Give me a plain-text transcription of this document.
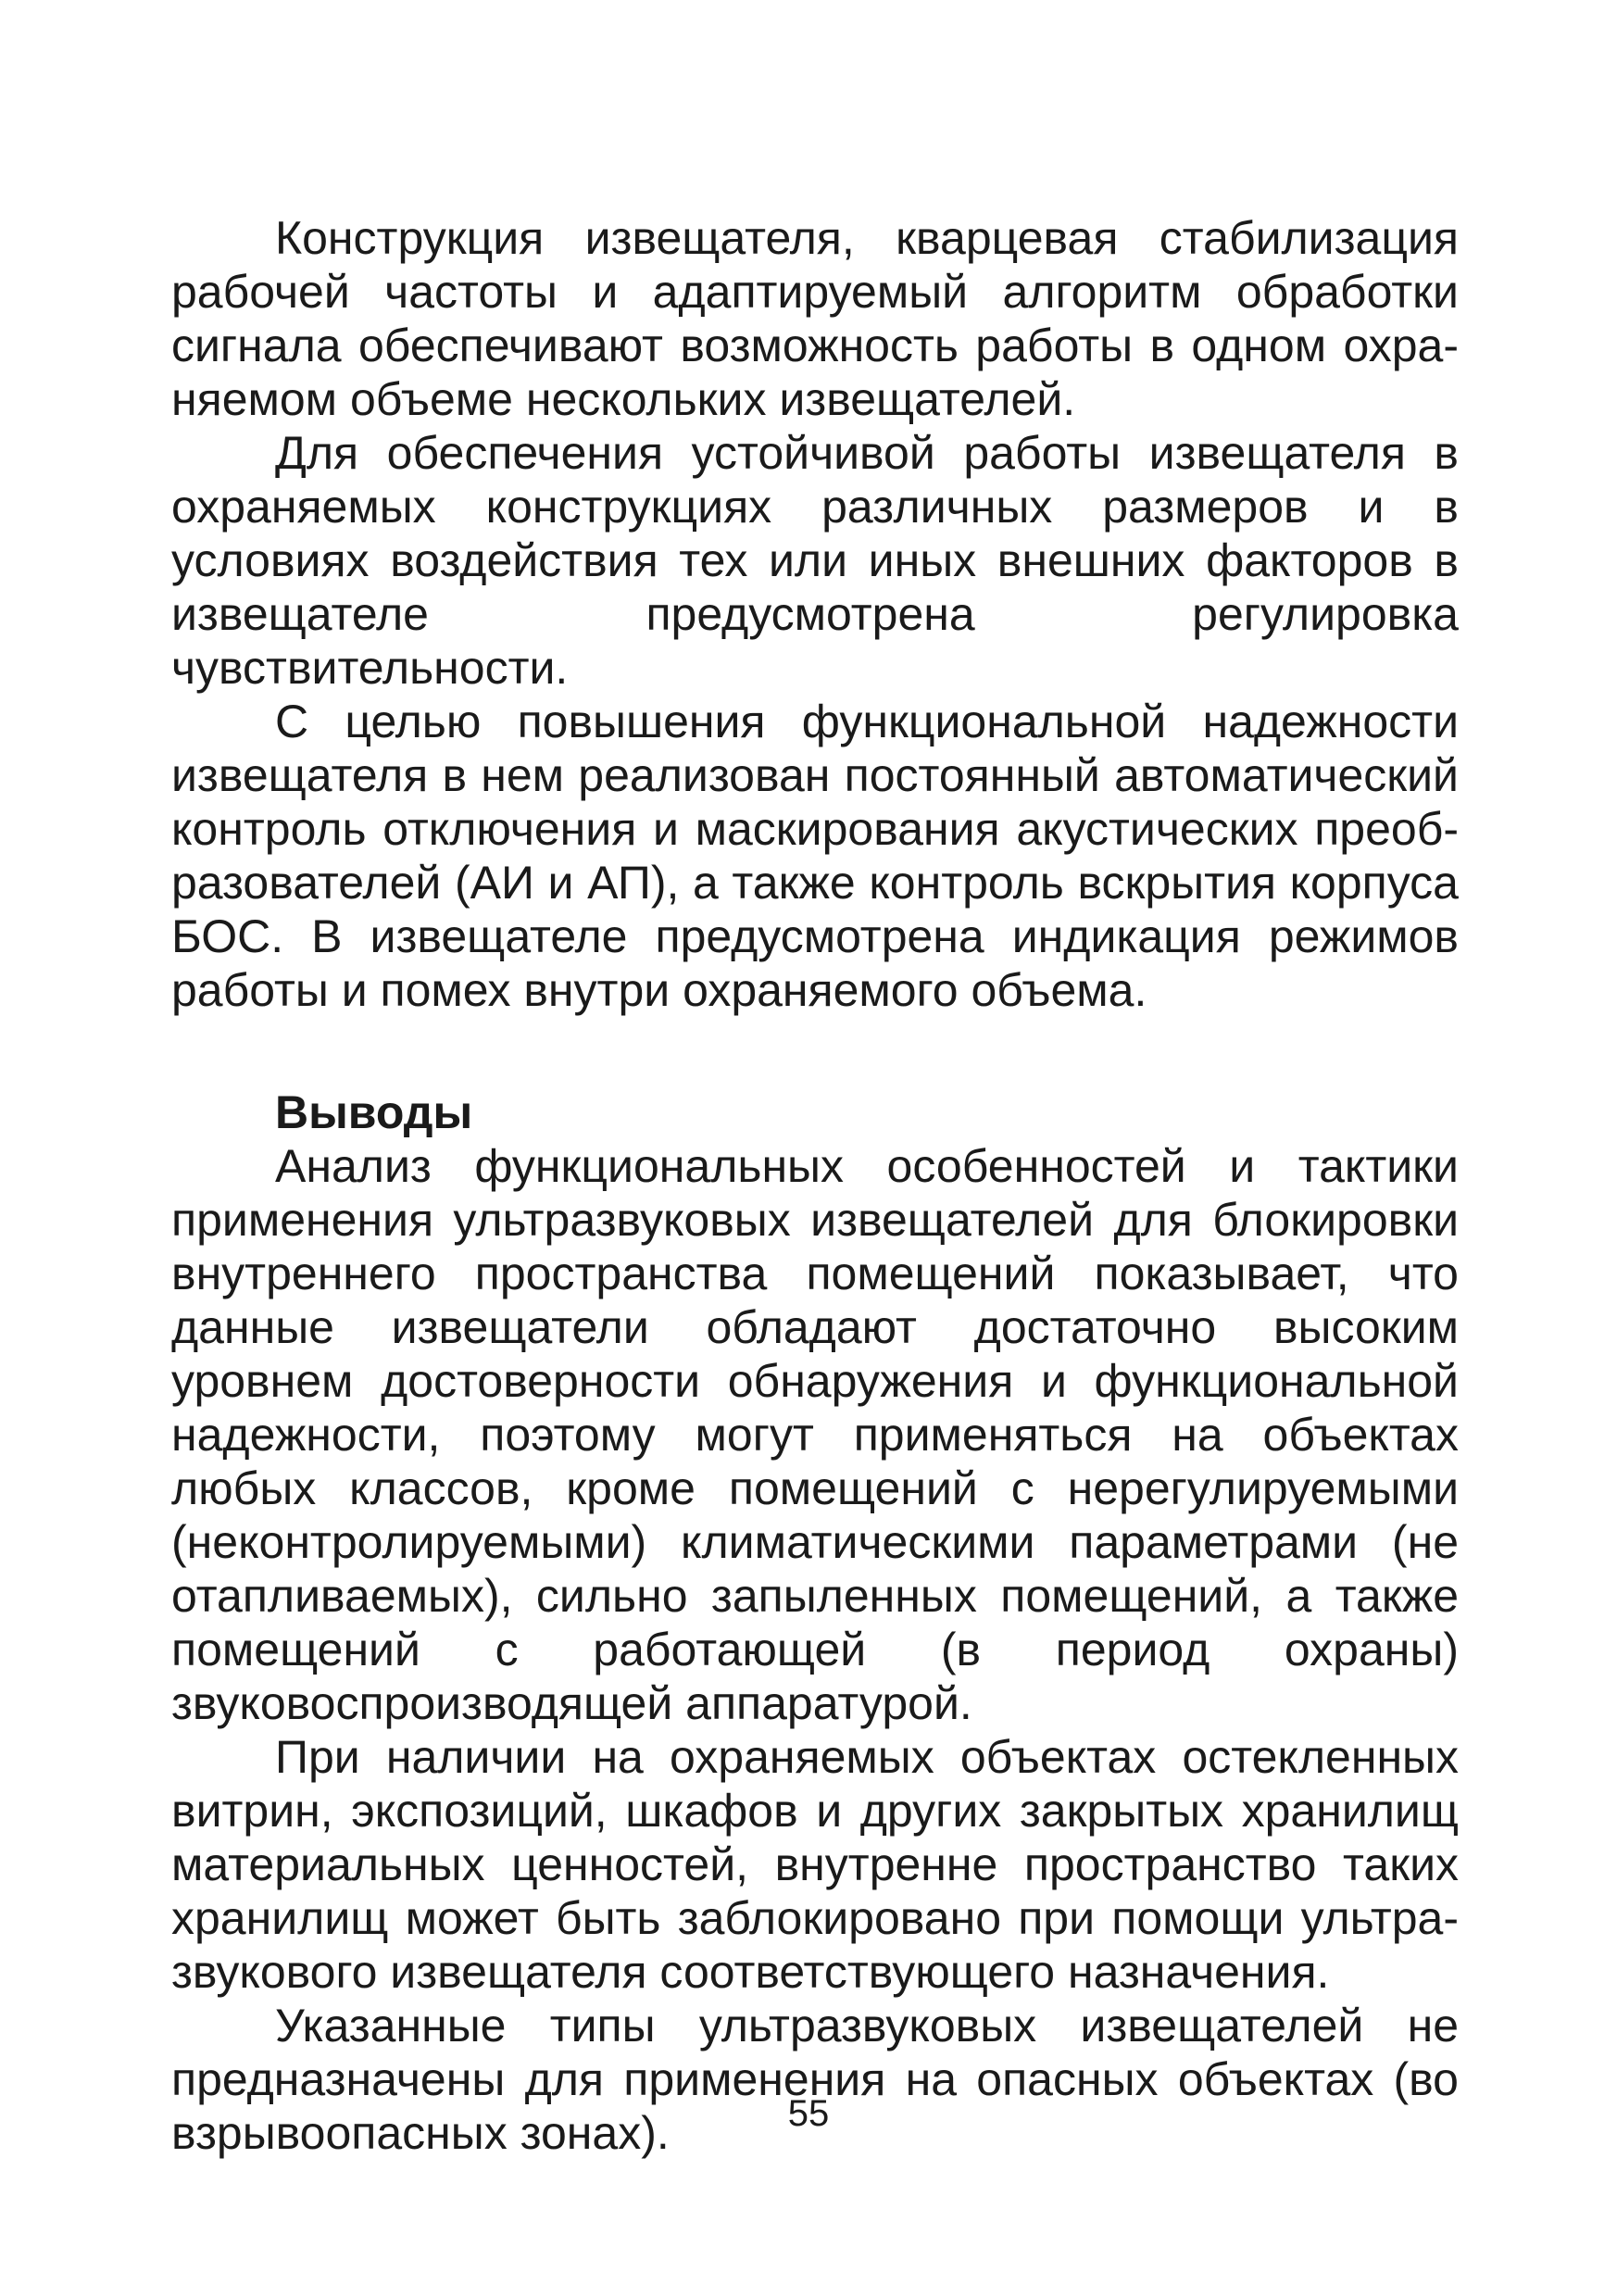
Конструкция извещателя, кварцевая стабилизация рабочей частоты и адаптируемый алгоритм обработки сигнала обеспечивают возможность работы в одном охраняемом объеме нескольких извещателей.

Для обеспечения устойчивой работы извещателя в охраняемых конструкциях различных размеров и в условиях воздействия тех или иных внешних факторов в извещателе предусмотрена регулировка чувствительности.

С целью повышения функциональной надежности извещателя в нем реализован постоянный автоматический контроль отключения и маскирования акустических преобразователей (АИ и АП), а также контроль вскрытия корпуса БОС. В извещателе предусмотрена индикация режимов работы и помех внутри охраняемого объема.

Выводы

Анализ функциональных особенностей и тактики применения ультразвуковых извещателей для блокировки внутреннего пространства помещений показывает, что данные извещатели обладают достаточно высоким уровнем достоверности обнаружения и функциональной надежности, поэтому могут применяться на объектах любых классов, кроме помещений с нерегулируемыми (неконтролируемыми) климатическими параметрами (не отапливаемых), сильно запыленных помещений, а также помещений с работающей (в период охраны) звуковоспроизводящей аппаратурой.

При наличии на охраняемых объектах остекленных витрин, экспозиций, шкафов и других закрытых хранилищ материальных ценностей, внутренне пространство таких хранилищ может быть заблокировано при помощи ультразвукового извещателя соответствующего назначения.

Указанные типы ультразвуковых извещателей не предназначены для применения на опасных объектах (во взрывоопасных зонах).	55
